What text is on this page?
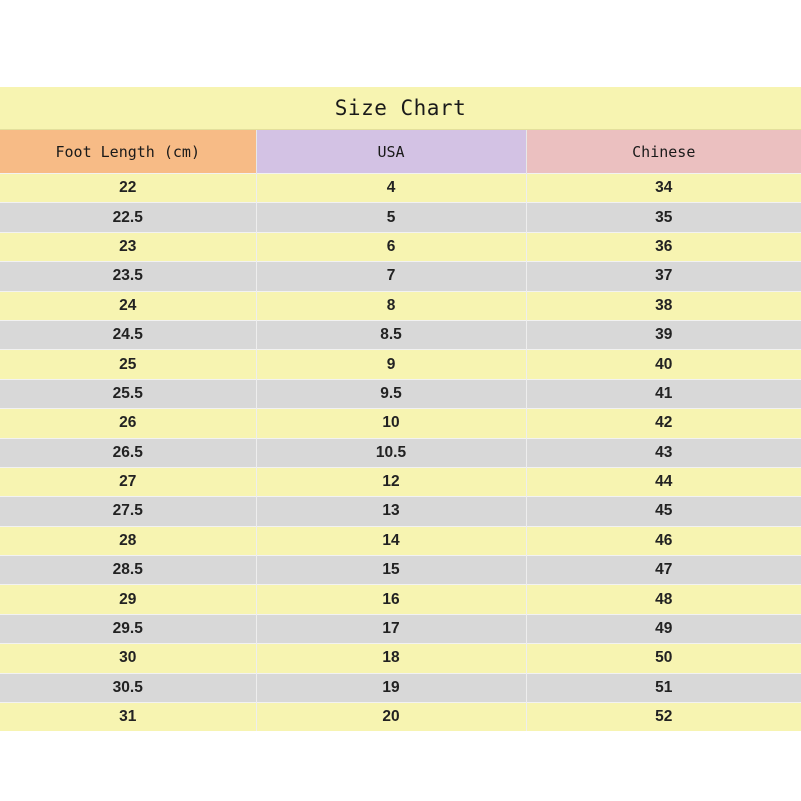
Size Chart
Foot Length (cm)	USA	Chinese
22	4	34
22.5	5	35
23	6	36
23.5	7	37
24	8	38
24.5	8.5	39
25	9	40
25.5	9.5	41
26	10	42
26.5	10.5	43
27	12	44
27.5	13	45
28	14	46
28.5	15	47
29	16	48
29.5	17	49
30	18	50
30.5	19	51
31	20	52
